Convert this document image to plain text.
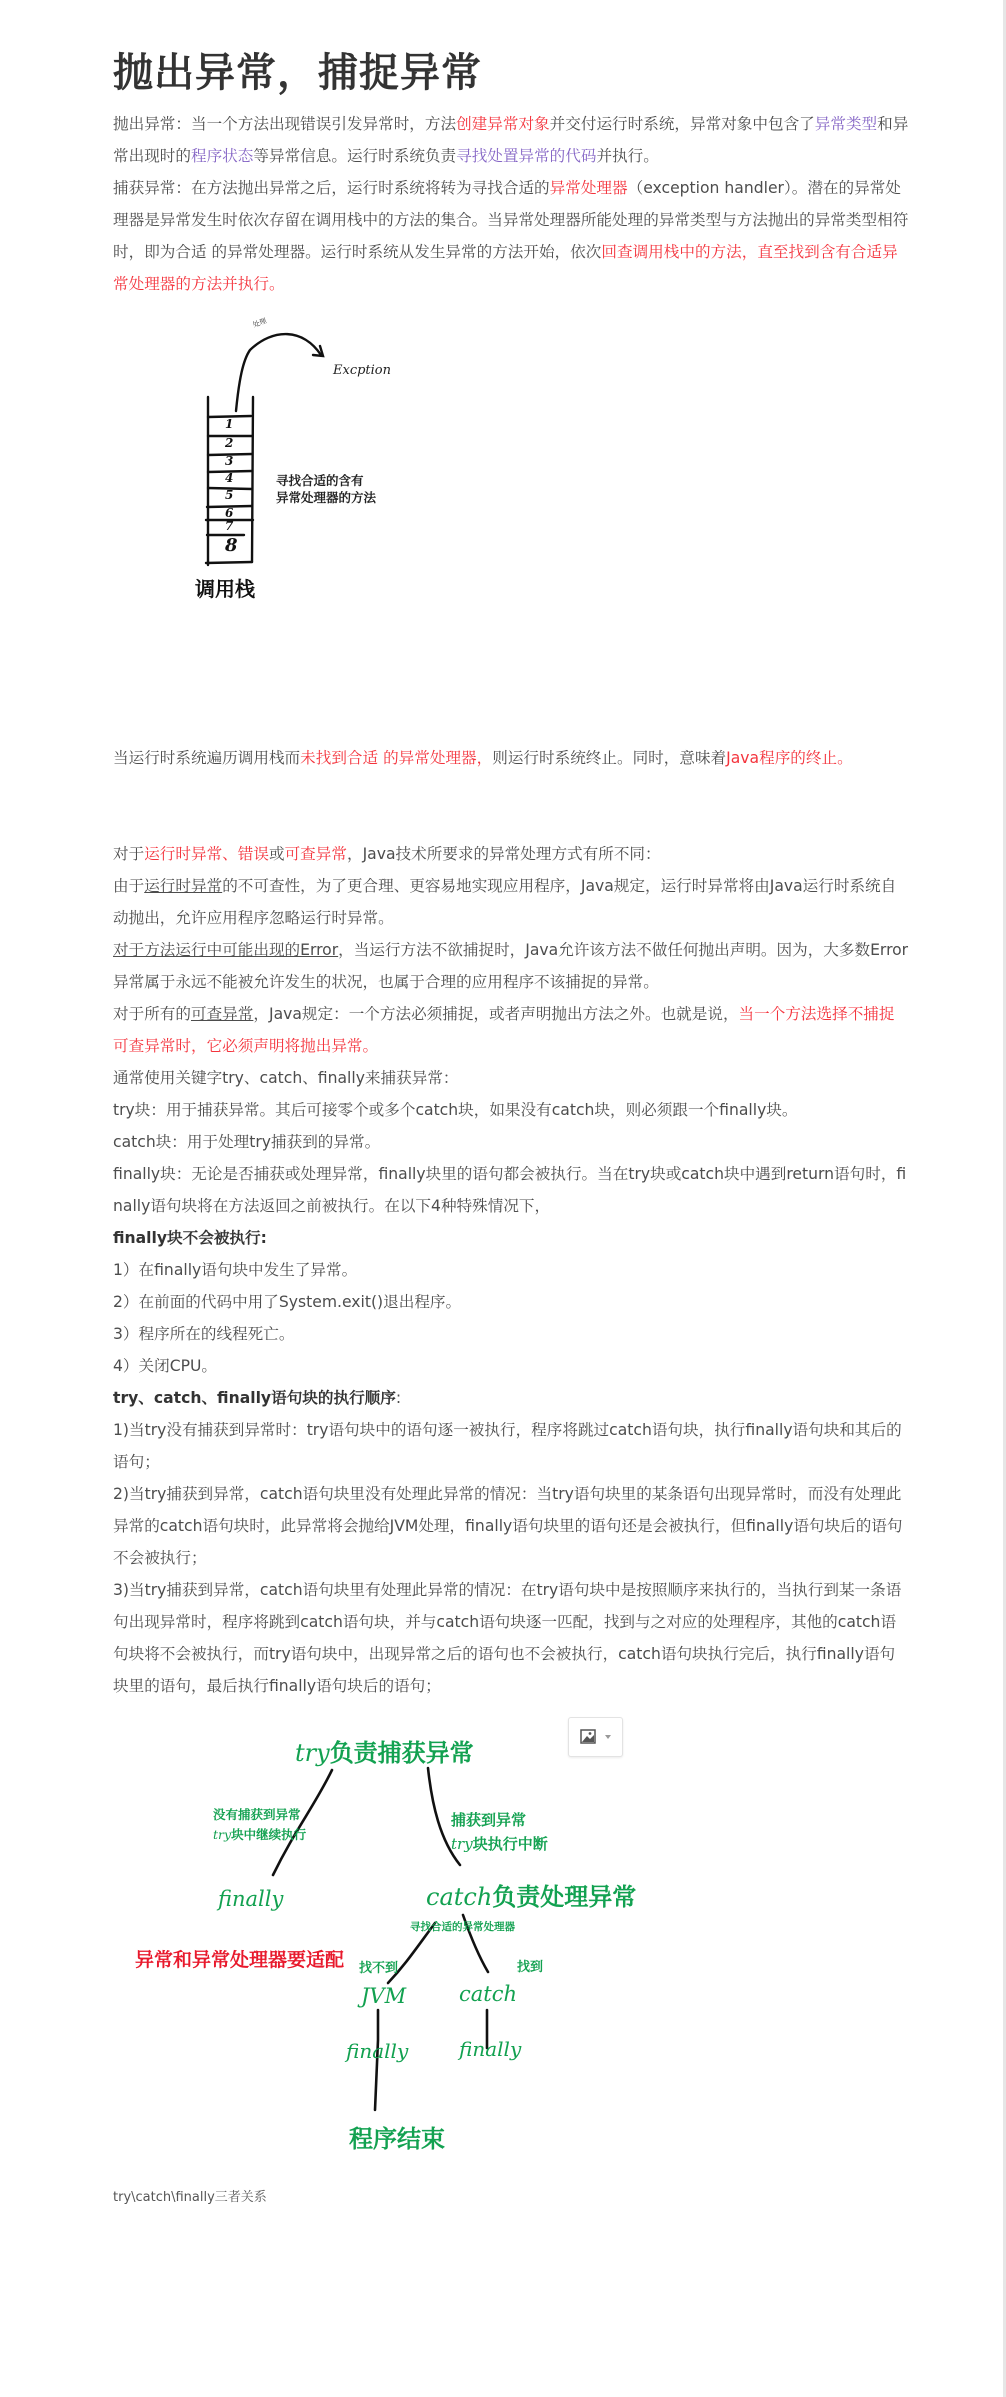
抛出异常，捕捉异常

抛出异常：当一个方法出现错误引发异常时，方法创建异常对象并交付运行时系统，异常对象中包含了异常类型和异常出现时的程序状态等异常信息。运行时系统负责寻找处置异常的代码并执行。

捕获异常：在方法抛出异常之后，运行时系统将转为寻找合适的异常处理器（exception handler）。潜在的异常处理器是异常发生时依次存留在调用栈中的方法的集合。当异常处理器所能处理的异常类型与方法抛出的异常类型相符时，即为合适 的异常处理器。运行时系统从发生异常的方法开始，依次回查调用栈中的方法，直至找到含有合适异常处理器的方法并执行。

1
2
3
4
5
6
7
8
处理
Excption
寻找合适的含有
异常处理器的方法
调用栈

当运行时系统遍历调用栈而未找到合适 的异常处理器，则运行时系统终止。同时，意味着Java程序的终止。

对于运行时异常、错误或可查异常，Java技术所要求的异常处理方式有所不同：

由于运行时异常的不可查性，为了更合理、更容易地实现应用程序，Java规定，运行时异常将由Java运行时系统自动抛出，允许应用程序忽略运行时异常。

对于方法运行中可能出现的Error，当运行方法不欲捕捉时，Java允许该方法不做任何抛出声明。因为，大多数Error异常属于永远不能被允许发生的状况，也属于合理的应用程序不该捕捉的异常。

对于所有的可查异常，Java规定：一个方法必须捕捉，或者声明抛出方法之外。也就是说，当一个方法选择不捕捉可查异常时，它必须声明将抛出异常。

通常使用关键字try、catch、finally来捕获异常：

try块：用于捕获异常。其后可接零个或多个catch块，如果没有catch块，则必须跟一个finally块。

catch块：用于处理try捕获到的异常。

finally块：无论是否捕获或处理异常，finally块里的语句都会被执行。当在try块或catch块中遇到return语句时，finally语句块将在方法返回之前被执行。在以下4种特殊情况下，

finally块不会被执行:

1）在finally语句块中发生了异常。

2）在前面的代码中用了System.exit()退出程序。

3）程序所在的线程死亡。

4）关闭CPU。

try、catch、finally语句块的执行顺序:

1)当try没有捕获到异常时：try语句块中的语句逐一被执行，程序将跳过catch语句块，执行finally语句块和其后的语句；

2)当try捕获到异常，catch语句块里没有处理此异常的情况：当try语句块里的某条语句出现异常时，而没有处理此异常的catch语句块时，此异常将会抛给JVM处理，finally语句块里的语句还是会被执行，但finally语句块后的语句不会被执行；

3)当try捕获到异常，catch语句块里有处理此异常的情况：在try语句块中是按照顺序来执行的，当执行到某一条语句出现异常时，程序将跳到catch语句块，并与catch语句块逐一匹配，找到与之对应的处理程序，其他的catch语句块将不会被执行，而try语句块中，出现异常之后的语句也不会被执行，catch语句块执行完后，执行finally语句块里的语句，最后执行finally语句块后的语句；

try负责捕获异常
没有捕获到异常
try块中继续执行
捕获到异常
try块执行中断
finally	catch负责处理异常
寻找合适的异常处理器
异常和异常处理器要适配 找不到	找到
JVM	catch
finally	finally
程序结束
try\catch\finally三者关系
